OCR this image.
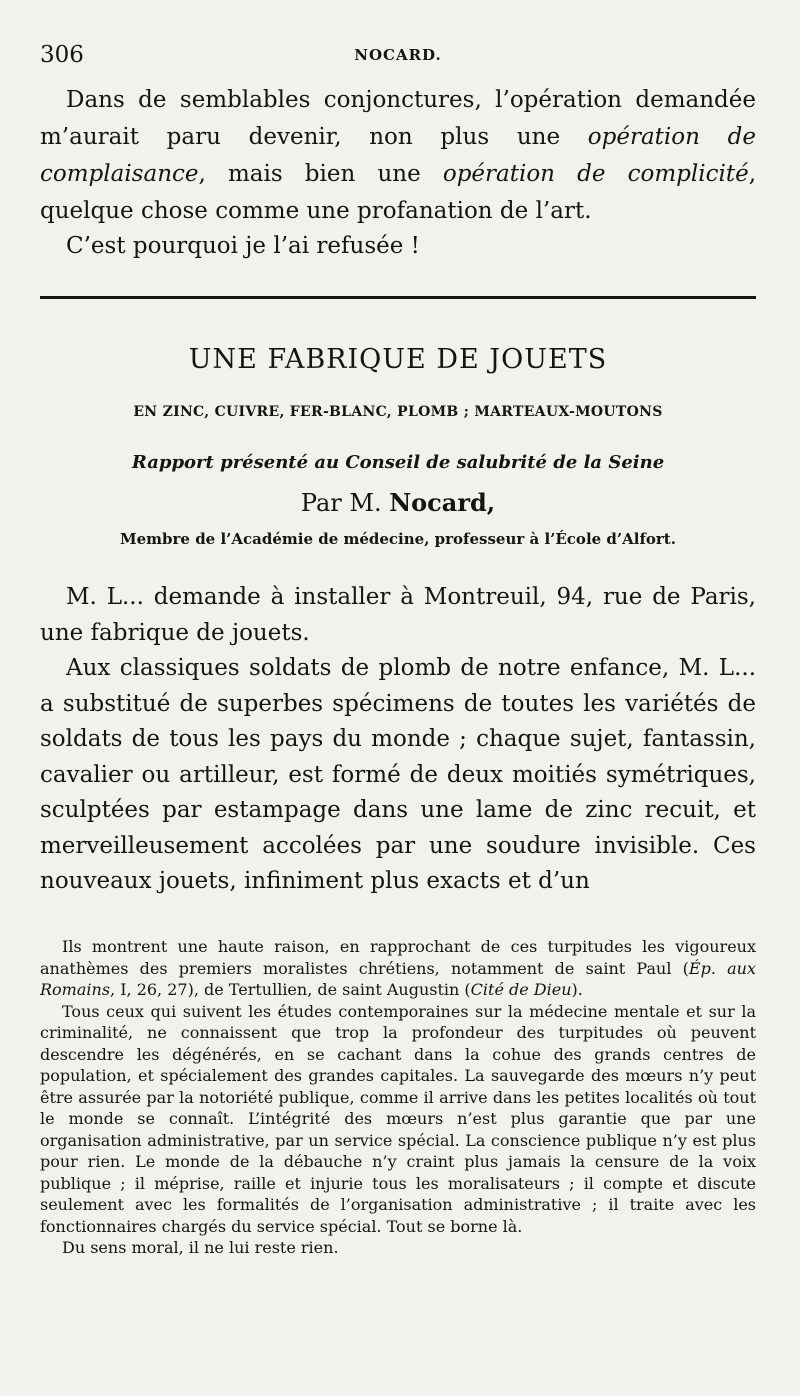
306	NOCARD.
Dans de semblables conjonctures, l’opération demandée m’aurait paru devenir, non plus une opération de complaisance, mais bien une opération de complicité, quelque chose comme une profanation de l’art.
C’est pourquoi je l’ai refusée !
UNE FABRIQUE DE JOUETS
EN ZINC, CUIVRE, FER-BLANC, PLOMB ; MARTEAUX-MOUTONS
Rapport présenté au Conseil de salubrité de la Seine
Par M. Nocard,
Membre de l’Académie de médecine, professeur à l’École d’Alfort.

M. L... demande à installer à Montreuil, 94, rue de Paris, une fabrique de jouets.

Aux classiques soldats de plomb de notre enfance, M. L... a substitué de superbes spécimens de toutes les variétés de soldats de tous les pays du monde ; chaque sujet, fantassin, cavalier ou artilleur, est formé de deux moitiés symétriques, sculptées par estampage dans une lame de zinc recuit, et merveilleusement accolées par une soudure invisible. Ces nouveaux jouets, infiniment plus exacts et d’un

Ils montrent une haute raison, en rapprochant de ces turpitudes les vigoureux anathèmes des premiers moralistes chrétiens, notamment de saint Paul (Ép. aux Romains, I, 26, 27), de Tertullien, de saint Augustin (Cité de Dieu).

Tous ceux qui suivent les études contemporaines sur la médecine mentale et sur la criminalité, ne connaissent que trop la profondeur des turpitudes où peuvent descendre les dégénérés, en se cachant dans la cohue des grands centres de population, et spécialement des grandes capitales. La sauvegarde des mœurs n’y peut être assurée par la notoriété publique, comme il arrive dans les petites localités où tout le monde se connaît. L’intégrité des mœurs n’est plus garantie que par une organisation administrative, par un service spécial. La conscience publique n’y est plus pour rien. Le monde de la débauche n’y craint plus jamais la censure de la voix publique ; il méprise, raille et injurie tous les moralisateurs ; il compte et discute seulement avec les formalités de l’organisation administrative ; il traite avec les fonctionnaires chargés du service spécial. Tout se borne là.

Du sens moral, il ne lui reste rien.
